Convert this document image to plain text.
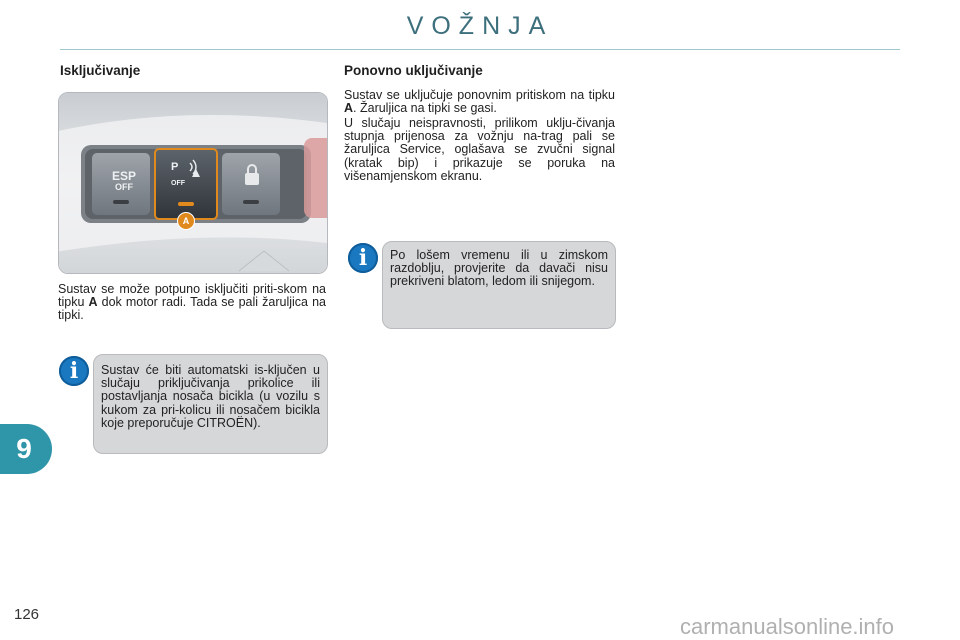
VOŽNJA
Isključivanje
ESP
OFF
P
OFF
A
Sustav se može potpuno isključiti priti-skom na tipku A dok motor radi. Tada se pali žaruljica na tipki.
Sustav će biti automatski is-ključen u slučaju priključivanja prikolice ili postavljanja nosača bicikla (u vozilu s kukom za pri-kolicu ili nosačem bicikla koje preporučuje CITROËN).
i
Ponovno uključivanje
Sustav se uključuje ponovnim pritiskom na tipku A. Žaruljica na tipki se gasi.
U slučaju neispravnosti, prilikom uklju-čivanja stupnja prijenosa za vožnju na-trag pali se žaruljica Service, oglašava se zvučni signal (kratak bip) i prikazuje se poruka na višenamjenskom ekranu.
Po lošem vremenu ili u zimskom razdoblju, provjerite da davači nisu prekriveni blatom, ledom ili snijegom.
i
9
126	carmanualsonline.info
